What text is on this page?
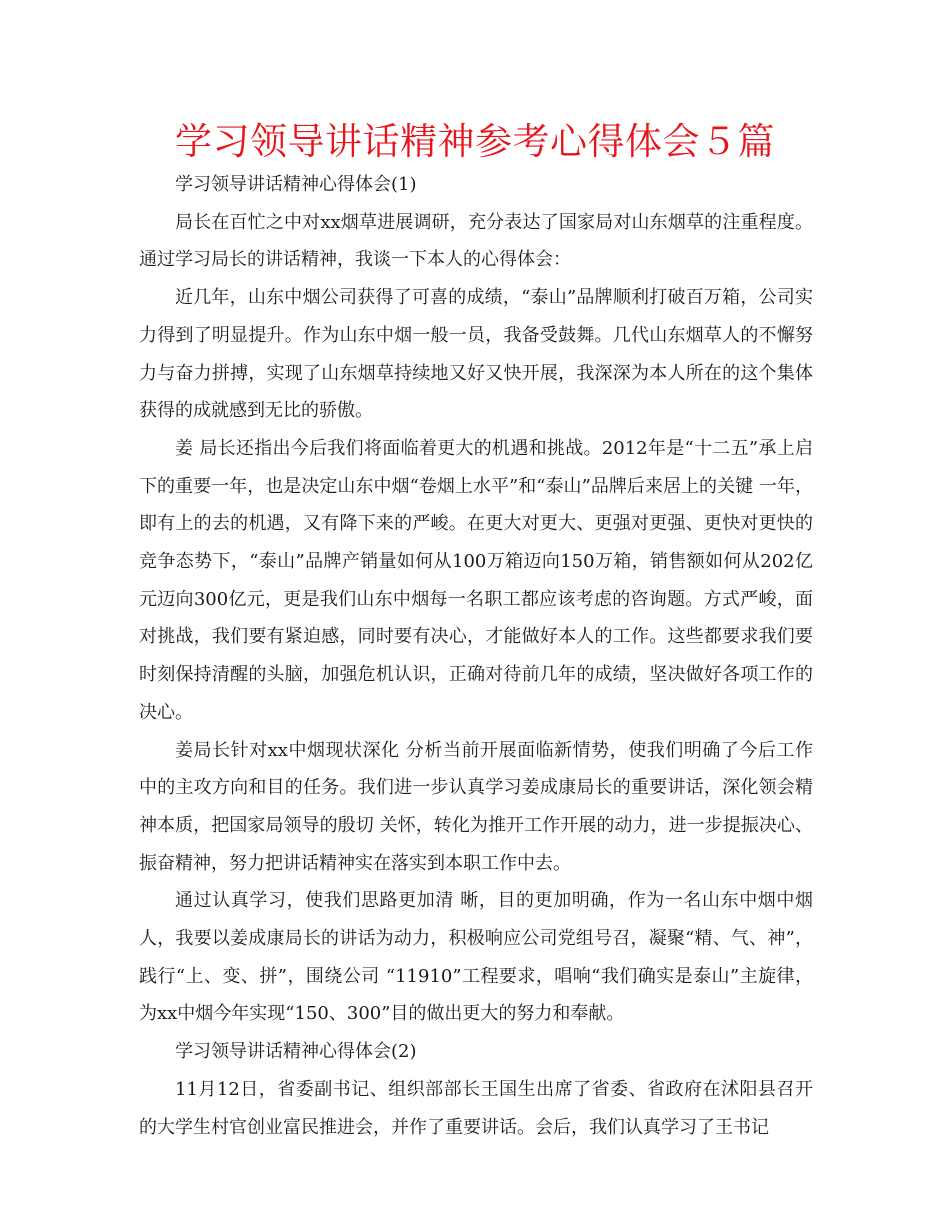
学习领导讲话精神参考心得体会５篇

学习领导讲话精神心得体会(1)

局长在百忙之中对xx烟草进展调研，充分表达了国家局对山东烟草的注重程度。通过学习局长的讲话精神，我谈一下本人的心得体会：

近几年，山东中烟公司获得了可喜的成绩，“泰山”品牌顺利打破百万箱，公司实力得到了明显提升。作为山东中烟一般一员，我备受鼓舞。几代山东烟草人的不懈努力与奋力拼搏，实现了山东烟草持续地又好又快开展，我深深为本人所在的这个集体获得的成就感到无比的骄傲。

姜 局长还指出今后我们将面临着更大的机遇和挑战。2012年是“十二五”承上启下的重要一年，也是决定山东中烟“卷烟上水平”和“泰山”品牌后来居上的关键 一年，即有上的去的机遇，又有降下来的严峻。在更大对更大、更强对更强、更快对更快的竞争态势下，“泰山”品牌产销量如何从100万箱迈向150万箱，销售额如何从202亿元迈向300亿元，更是我们山东中烟每一名职工都应该考虑的咨询题。方式严峻，面对挑战，我们要有紧迫感，同时要有决心，才能做好本人的工作。这些都要求我们要时刻保持清醒的头脑，加强危机认识，正确对待前几年的成绩，坚决做好各项工作的决心。

姜局长针对xx中烟现状深化 分析当前开展面临新情势，使我们明确了今后工作中的主攻方向和目的任务。我们进一步认真学习姜成康局长的重要讲话，深化领会精神本质，把国家局领导的殷切 关怀，转化为推开工作开展的动力，进一步提振决心、振奋精神，努力把讲话精神实在落实到本职工作中去。

通过认真学习，使我们思路更加清 晰，目的更加明确，作为一名山东中烟中烟人，我要以姜成康局长的讲话为动力，积极响应公司党组号召，凝聚“精、气、神”，践行“上、变、拼”，围绕公司 “11910”工程要求，唱响“我们确实是泰山”主旋律，为xx中烟今年实现“150、300”目的做出更大的努力和奉献。

学习领导讲话精神心得体会(2)

11月12日，省委副书记、组织部部长王国生出席了省委、省政府在沭阳县召开的大学生村官创业富民推进会，并作了重要讲话。会后，我们认真学习了王书记
